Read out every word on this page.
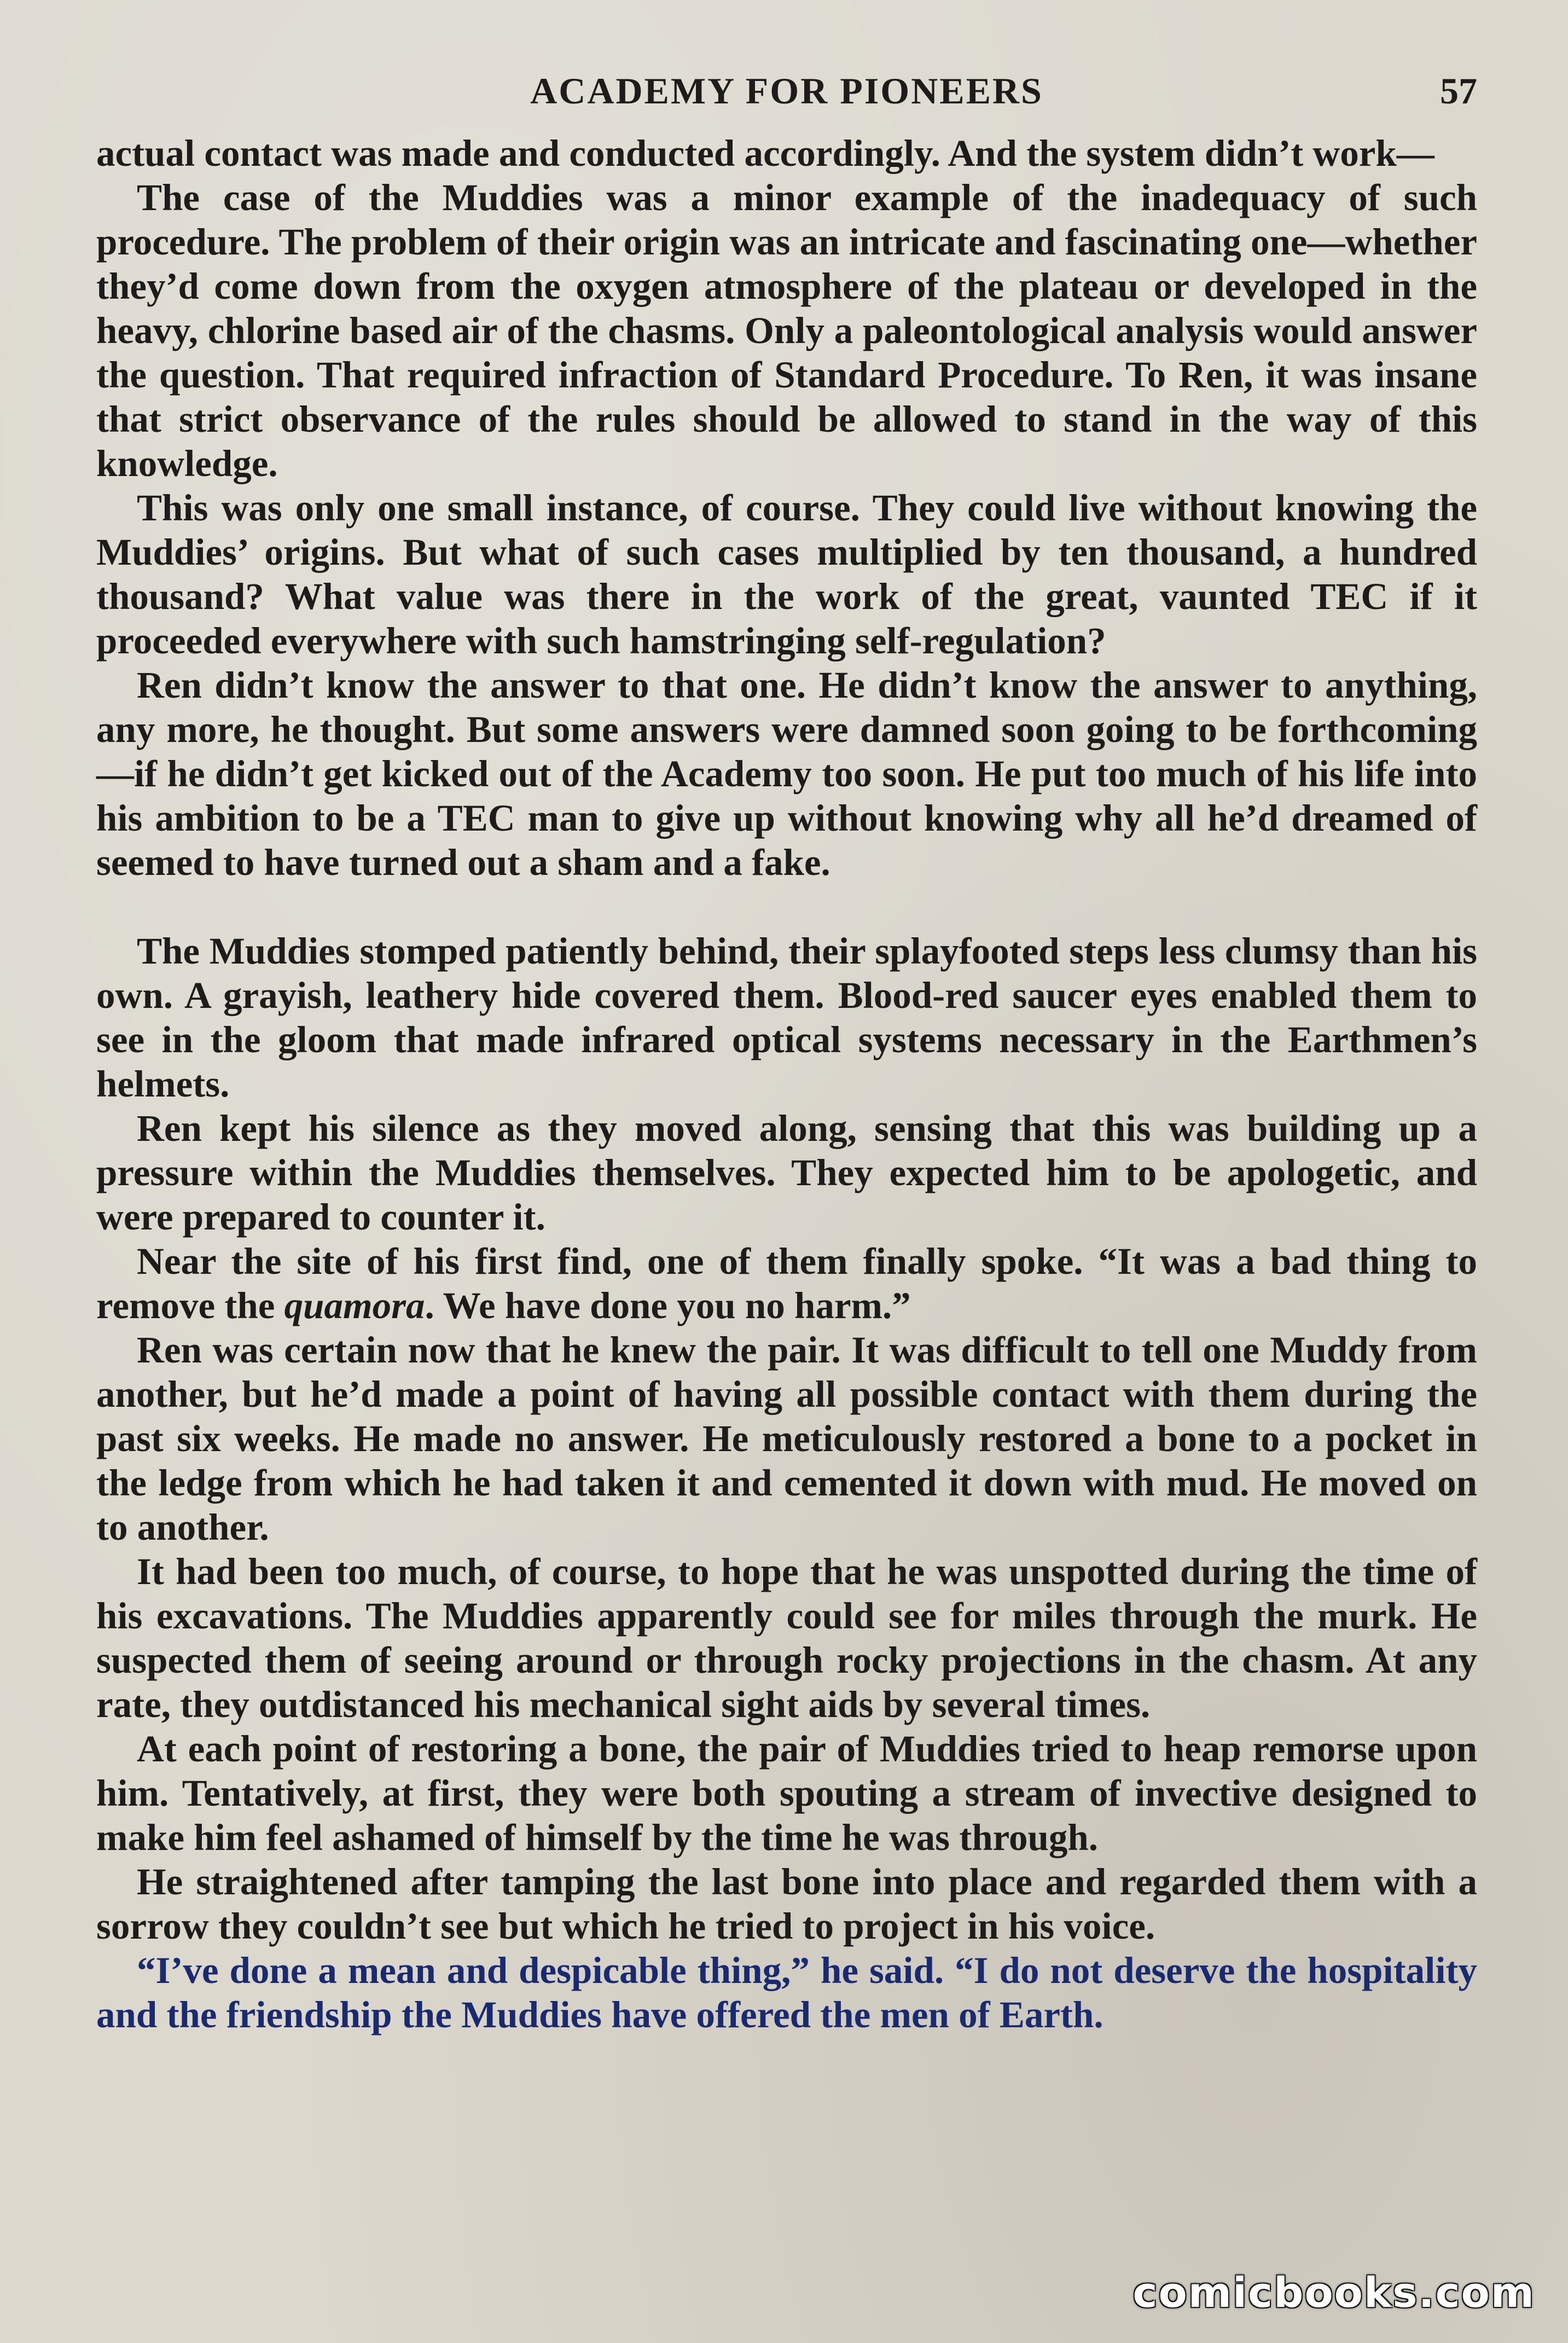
ACADEMY FOR PIONEERS	57

actual contact was made and conducted accordingly. And the system didn’t work—

The case of the Muddies was a minor example of the inadequacy of such procedure. The problem of their origin was an intricate and fascinating one—whether they’d come down from the oxygen atmosphere of the plateau or developed in the heavy, chlorine based air of the chasms. Only a paleontological analysis would answer the question. That required infraction of Standard Procedure. To Ren, it was insane that strict observance of the rules should be allowed to stand in the way of this knowledge.

This was only one small instance, of course. They could live without knowing the Muddies’ origins. But what of such cases multiplied by ten thousand, a hundred thousand? What value was there in the work of the great, vaunted TEC if it proceeded everywhere with such hamstringing self-regulation?

Ren didn’t know the answer to that one. He didn’t know the answer to anything, any more, he thought. But some answers were damned soon going to be forthcoming—if he didn’t get kicked out of the Academy too soon. He put too much of his life into his ambition to be a TEC man to give up without knowing why all he’d dreamed of seemed to have turned out a sham and a fake.

The Muddies stomped patiently behind, their splayfooted steps less clumsy than his own. A grayish, leathery hide covered them. Blood-red saucer eyes enabled them to see in the gloom that made infrared optical systems necessary in the Earthmen’s helmets.

Ren kept his silence as they moved along, sensing that this was building up a pressure within the Muddies themselves. They expected him to be apologetic, and were prepared to counter it.

Near the site of his first find, one of them finally spoke. “It was a bad thing to remove the quamora. We have done you no harm.”

Ren was certain now that he knew the pair. It was difficult to tell one Muddy from another, but he’d made a point of having all possible contact with them during the past six weeks. He made no answer. He meticulously restored a bone to a pocket in the ledge from which he had taken it and cemented it down with mud. He moved on to another.

It had been too much, of course, to hope that he was unspotted during the time of his excavations. The Muddies apparently could see for miles through the murk. He suspected them of seeing around or through rocky projections in the chasm. At any rate, they outdistanced his mechanical sight aids by several times.

At each point of restoring a bone, the pair of Muddies tried to heap remorse upon him. Tentatively, at first, they were both spouting a stream of invective designed to make him feel ashamed of himself by the time he was through.

He straightened after tamping the last bone into place and regarded them with a sorrow they couldn’t see but which he tried to project in his voice.

“I’ve done a mean and despicable thing,” he said. “I do not deserve the hospitality and the friendship the Muddies have offered the men of Earth.

comicbooks.com
